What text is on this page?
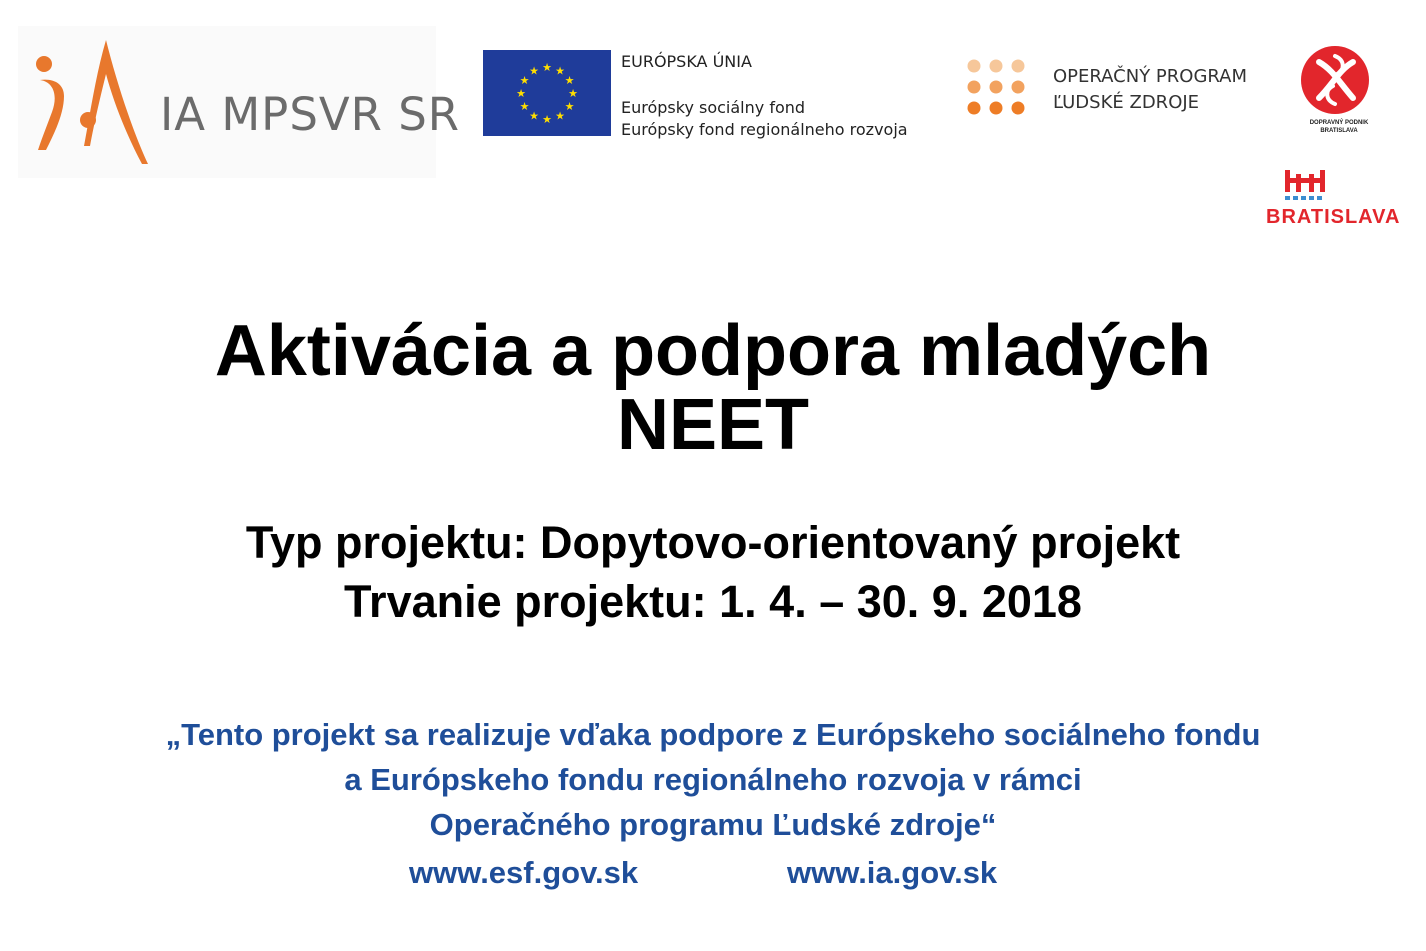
IA MPSVR SR
★ ★
★
★
★
★
★
★
★
★
★
★	EURÓPSKA ÚNIA
Európsky sociálny fond
Európsky fond regionálneho rozvoja
OPERAČNÝ PROGRAM
ĽUDSKÉ ZDROJE
DOPRAVNÝ PODNIK
BRATISLAVA
BRATISLAVA
Aktivácia a podpora mladých
NEET
Typ projektu: Dopytovo-orientovaný projekt
Trvanie projektu: 1. 4. – 30. 9. 2018
„Tento projekt sa realizuje vďaka podpore z Európskeho sociálneho fondu
a Európskeho fondu regionálneho rozvoja v rámci
Operačného programu Ľudské zdroje“
www.esf.gov.sk	www.ia.gov.sk
